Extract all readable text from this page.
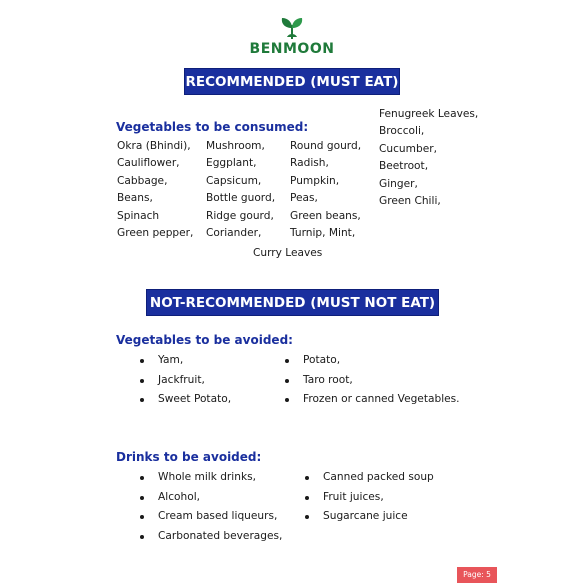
BENMOON
RECOMMENDED (MUST EAT)
Vegetables to be consumed:
Okra (Bhindi),
Cauliflower,
Cabbage,
Beans,
Spinach
Green pepper,
Mushroom,
Eggplant,
Capsicum,
Bottle guord,
Ridge gourd,
Coriander,
Round gourd,
Radish,
Pumpkin,
Peas,
Green beans,
Turnip, Mint,
Fenugreek Leaves,
Broccoli,
Cucumber,
Beetroot,
Ginger,
Green Chili,
Curry Leaves
NOT-RECOMMENDED (MUST NOT EAT)
Vegetables to be avoided:
Yam,
Jackfruit,
Sweet Potato,
Potato,
Taro root,
Frozen or canned Vegetables.
Drinks to be avoided:
Whole milk drinks,
Alcohol,
Cream based liqueurs,
Carbonated beverages,
Canned packed soup
Fruit juices,
Sugarcane juice
Page: 5
